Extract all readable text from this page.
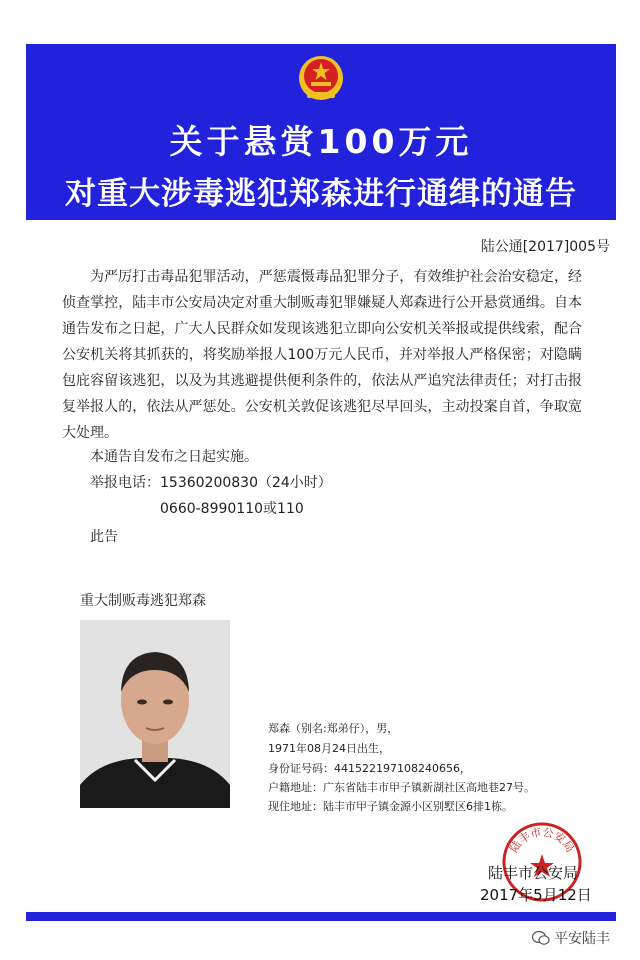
关于悬赏100万元
对重大涉毒逃犯郑森进行通缉的通告
陆公通[2017]005号

为严厉打击毒品犯罪活动，严惩震慑毒品犯罪分子，有效维护社会治安稳定，经侦查掌控，陆丰市公安局决定对重大制贩毒犯罪嫌疑人郑森进行公开悬赏通缉。自本通告发布之日起，广大人民群众如发现该逃犯立即向公安机关举报或提供线索，配合公安机关将其抓获的，将奖励举报人100万元人民币，并对举报人严格保密；对隐瞒包庇容留该逃犯，以及为其逃避提供便利条件的，依法从严追究法律责任；对打击报复举报人的，依法从严惩处。公安机关敦促该逃犯尽早回头，主动投案自首，争取宽大处理。

本通告自发布之日起实施。
举报电话： 15360200830（24小时）
0660-8990110或110
此告
重大制贩毒逃犯郑森
郑森（别名:郑弟仔），男，
1971年08月24日出生，
身份证号码：441522197108240656，
户籍地址：广东省陆丰市甲子镇新湖社区高地巷27号。
现住地址：陆丰市甲子镇金源小区别墅区6排1栋。
陆丰市公安局
陆丰市公安局
2017年5月12日
平安陆丰
